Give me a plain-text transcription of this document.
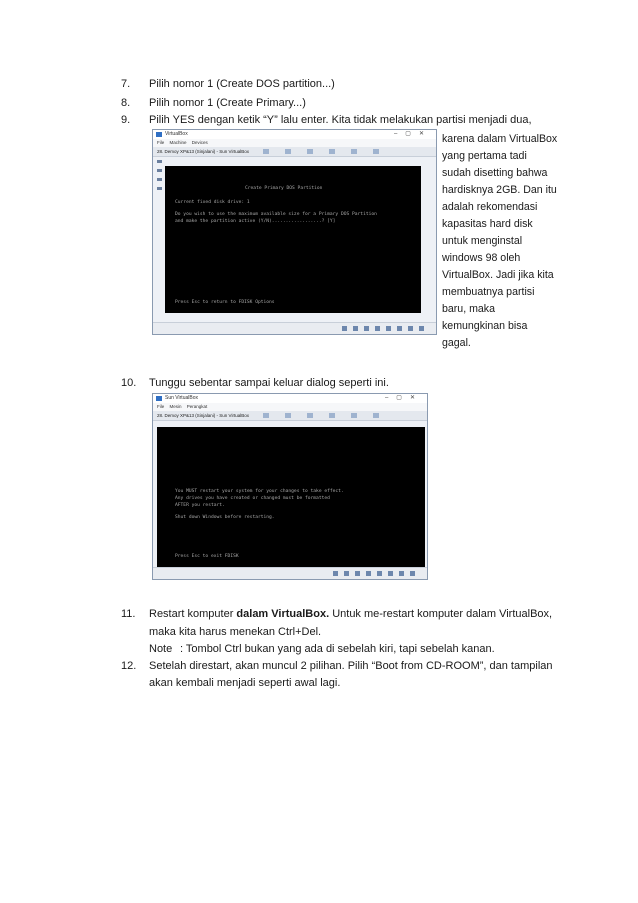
7. Pilih nomor 1 (Create DOS partition...)
8. Pilih nomor 1 (Create Primary...)
9. Pilih YES dengan ketik “Y” lalu enter. Kita tidak melakukan partisi menjadi dua,
karena dalam VirtualBox
yang pertama tadi
sudah disetting bahwa
hardisknya 2GB. Dan itu
adalah rekomendasi
kapasitas hard disk
untuk menginstal
windows 98 oleh
VirtualBox. Jadi jika kita
membuatnya partisi
baru, maka
kemungkinan bisa
gagal.
VirtualBox	–▢✕
File Machine Devices
28. Demoy XP&13 (Sinjalani) - Sun VirtualBox
Create Primary DOS Partition
Current fixed disk drive: 1
Do you wish to use the maximum available size for a Primary DOS Partition
and make the partition active (Y/N)..................? [Y]
Press Esc to return to FDISK Options
10. Tunggu sebentar sampai keluar dialog seperti ini.
Sun VirtualBox	–▢✕
File Mesin Perangkat
28. Demoy XP&13 (Sinjalani) - Sun VirtualBox
You MUST restart your system for your changes to take effect.
Any drives you have created or changed must be formatted
AFTER you restart.
Shut down Windows before restarting.
Press Esc to exit FDISK
11. Restart komputer dalam VirtualBox. Untuk me-restart komputer dalam VirtualBox,
maka kita harus menekan Ctrl+Del.
Note : Tombol Ctrl bukan yang ada di sebelah kiri, tapi sebelah kanan.
12. Setelah direstart, akan muncul 2 pilihan. Pilih “Boot from CD-ROOM”, dan tampilan
akan kembali menjadi seperti awal lagi.
